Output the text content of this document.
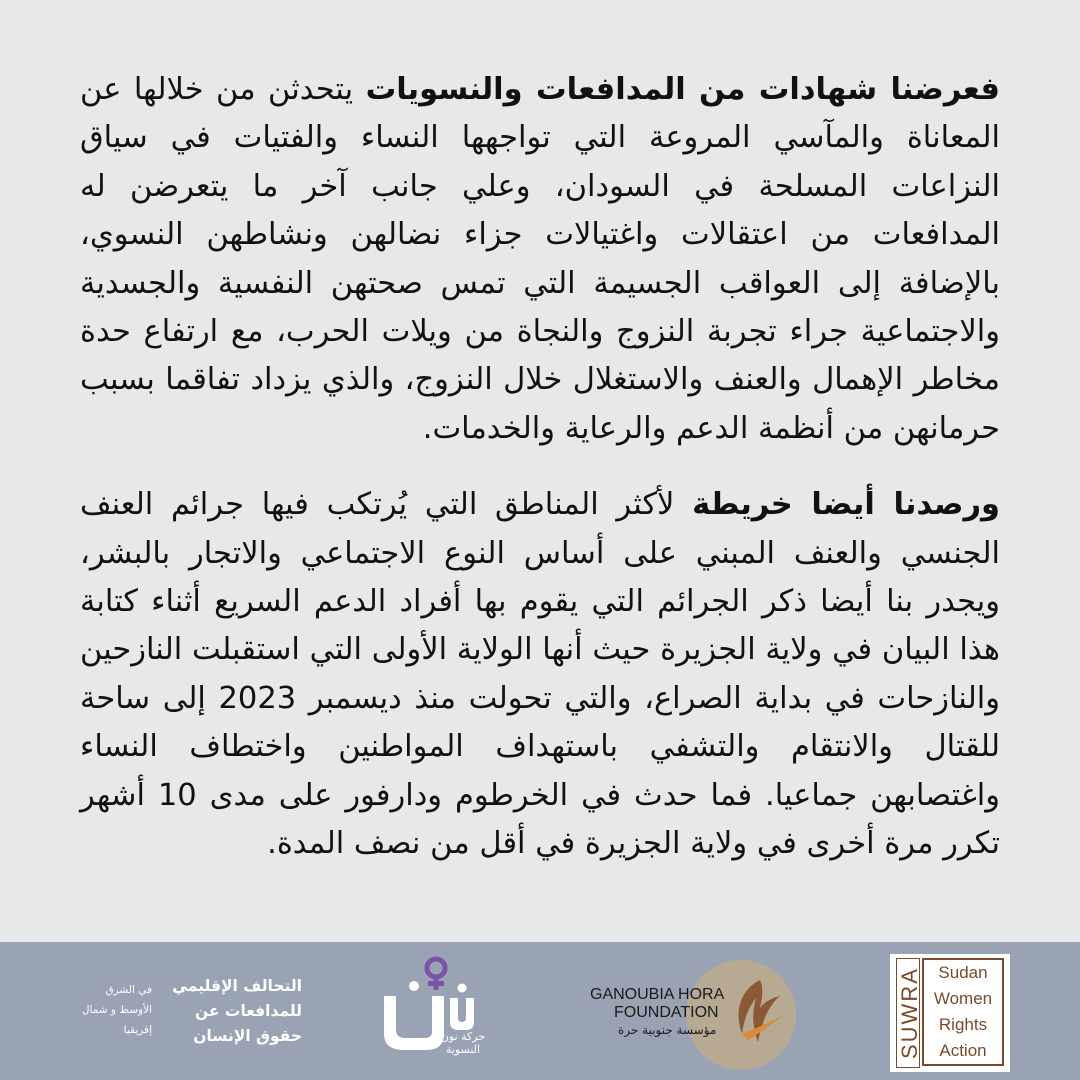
فعرضنا شهادات من المدافعات والنسويات يتحدثن من خلالها عن المعاناة والمآسي المروعة التي تواجهها النساء والفتيات في سياق النزاعات المسلحة في السودان، وعلي جانب آخر ما يتعرضن له المدافعات من اعتقالات واغتيالات جزاء نضالهن ونشاطهن النسوي، بالإضافة إلى العواقب الجسيمة التي تمس صحتهن النفسية والجسدية والاجتماعية جراء تجربة النزوج والنجاة من ويلات الحرب، مع ارتفاع حدة مخاطر الإهمال والعنف والاستغلال خلال النزوج، والذي يزداد تفاقما بسبب حرمانهن من أنظمة الدعم والرعاية والخدمات.

ورصدنا أيضا خريطة لأكثر المناطق التي يُرتكب فيها جرائم العنف الجنسي والعنف المبني على أساس النوع الاجتماعي والاتجار بالبشر، ويجدر بنا أيضا ذكر الجرائم التي يقوم بها أفراد الدعم السريع أثناء كتابة هذا البيان في ولاية الجزيرة حيث أنها الولاية الأولى التي استقبلت النازحين والنازحات في بداية الصراع، والتي تحولت منذ ديسمبر 2023 إلى ساحة للقتال والانتقام والتشفي باستهداف المواطنين واختطاف النساء واغتصابهن جماعيا. فما حدث في الخرطوم ودارفور على مدى 10 أشهر تكرر مرة أخرى في ولاية الجزيرة في أقل من نصف المدة.

SUWRA Sudan
Women
Rights
Action
GANOUBIA HORA
FOUNDATION
مؤسسة جنوبية حرة
حركة نون النسوية
التحالف الإقليمي
للمدافعات عن
حقوق الإنسان
في الشرق
الأوسط و شمال
إفريقيا
